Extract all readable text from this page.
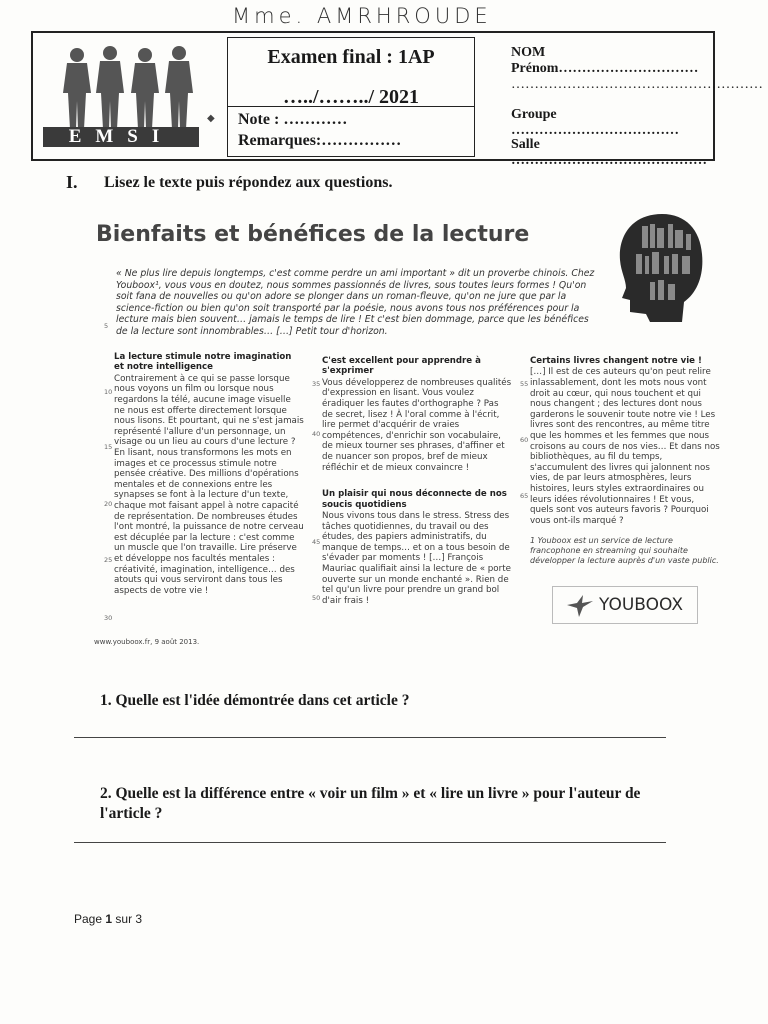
Mme. AMRHROUDE
EMSI
◆
Examen final : 1AP
…../……../ 2021
Note : …………
Remarques:……………
NOM Prénom…………………………
………………………………………………
Groupe ………………………………
Salle ……………………………………
I. Lisez le texte puis répondez aux questions.
Bienfaits et bénéfices de la lecture
« Ne plus lire depuis longtemps, c'est comme perdre un ami important » dit un proverbe chinois. Chez Youboox¹, vous vous en doutez, nous sommes passionnés de livres, sous toutes leurs formes ! Qu'on soit fana de nouvelles ou qu'on adore se plonger dans un roman-fleuve, qu'on ne jure que par la science-fiction ou bien qu'on soit transporté par la poésie, nous avons tous nos préférences pour la lecture mais bien souvent… jamais le temps de lire ! Et c'est bien dommage, parce que les bénéfices de la lecture sont innombrables… […] Petit tour d'horizon.
5
10
15
20
25
30
35
40
45
50
55
60
65
La lecture stimule notre imagination et notre intelligence

Contrairement à ce qui se passe lorsque nous voyons un film ou lorsque nous regardons la télé, aucune image visuelle ne nous est offerte directement lorsque nous lisons. Et pourtant, qui ne s'est jamais représenté l'allure d'un personnage, un visage ou un lieu au cours d'une lecture ? En lisant, nous transformons les mots en images et ce processus stimule notre pensée créative. Des millions d'opérations mentales et de connexions entre les synapses se font à la lecture d'un texte, chaque mot faisant appel à notre capacité de représentation. De nombreuses études l'ont montré, la puissance de notre cerveau est décuplée par la lecture : c'est comme un muscle que l'on travaille. Lire préserve et développe nos facultés mentales : créativité, imagination, intelligence… des atouts qui vous serviront dans tous les aspects de votre vie !

C'est excellent pour apprendre à s'exprimer

Vous développerez de nombreuses qualités d'expression en lisant. Vous voulez éradiquer les fautes d'orthographe ? Pas de secret, lisez ! À l'oral comme à l'écrit, lire permet d'acquérir de vraies compétences, d'enrichir son vocabulaire, de mieux tourner ses phrases, d'affiner et de nuancer son propos, bref de mieux réfléchir et de mieux convaincre !

Un plaisir qui nous déconnecte de nos soucis quotidiens

Nous vivons tous dans le stress. Stress des tâches quotidiennes, du travail ou des études, des papiers administratifs, du manque de temps… et on a tous besoin de s'évader par moments ! […] François Mauriac qualifiait ainsi la lecture de « porte ouverte sur un monde enchanté ». Rien de tel qu'un livre pour prendre un grand bol d'air frais !

Certains livres changent notre vie !

[…] Il est de ces auteurs qu'on peut relire inlassablement, dont les mots nous vont droit au cœur, qui nous touchent et qui nous changent ; des lectures dont nous garderons le souvenir toute notre vie ! Les livres sont des rencontres, au même titre que les hommes et les femmes que nous croisons au cours de nos vies… Et dans nos bibliothèques, au fil du temps, s'accumulent des livres qui jalonnent nos vies, de par leurs atmosphères, leurs histoires, leurs styles extraordinaires ou leurs idées révolutionnaires ! Et vous, quels sont vos auteurs favoris ? Pourquoi vous ont-ils marqué ?

1 Youboox est un service de lecture francophone en streaming qui souhaite développer la lecture auprès d'un vaste public.
YOUBOOX
www.youboox.fr, 9 août 2013.
1. Quelle est l'idée démontrée dans cet article ?
2. Quelle est la différence entre « voir un film » et « lire un livre » pour l'auteur de l'article ?
Page 1 sur 3
